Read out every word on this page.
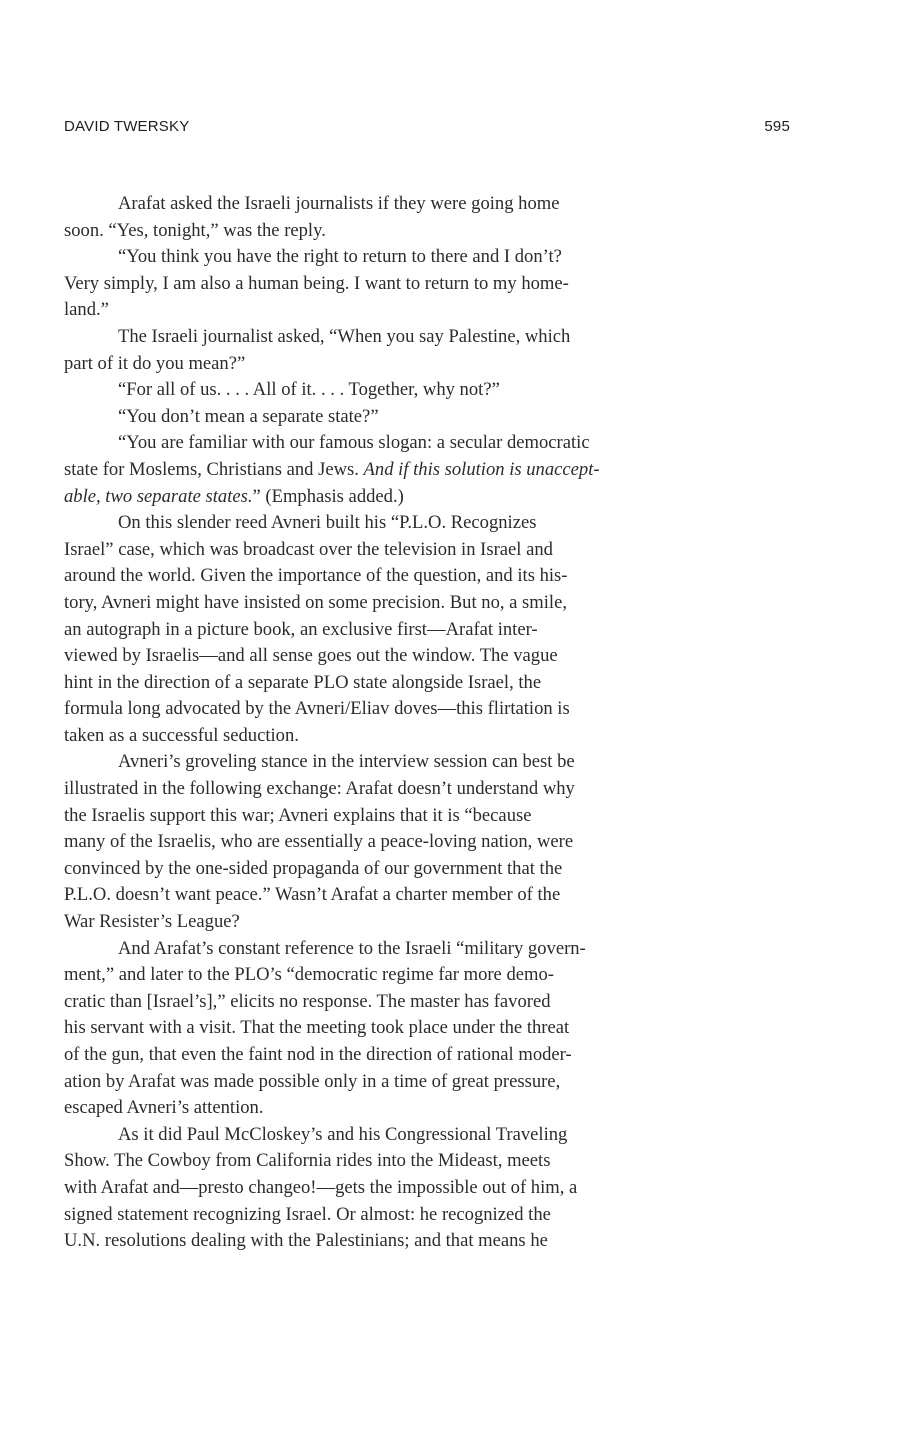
DAVID TWERSKY	595

Arafat asked the Israeli journalists if they were going home
soon. “Yes, tonight,” was the reply.

“You think you have the right to return to there and I don’t?
Very simply, I am also a human being. I want to return to my home-
land.”

The Israeli journalist asked, “When you say Palestine, which
part of it do you mean?”

“For all of us. . . . All of it. . . . Together, why not?”

“You don’t mean a separate state?”

“You are familiar with our famous slogan: a secular democratic
state for Moslems, Christians and Jews. And if this solution is unaccept-
able, two separate states.” (Emphasis added.)

On this slender reed Avneri built his “P.L.O. Recognizes
Israel” case, which was broadcast over the television in Israel and
around the world. Given the importance of the question, and its his-
tory, Avneri might have insisted on some precision. But no, a smile,
an autograph in a picture book, an exclusive first—Arafat inter-
viewed by Israelis—and all sense goes out the window. The vague
hint in the direction of a separate PLO state alongside Israel, the
formula long advocated by the Avneri/Eliav doves—this flirtation is
taken as a successful seduction.

Avneri’s groveling stance in the interview session can best be
illustrated in the following exchange: Arafat doesn’t understand why
the Israelis support this war; Avneri explains that it is “because
many of the Israelis, who are essentially a peace-loving nation, were
convinced by the one-sided propaganda of our government that the
P.L.O. doesn’t want peace.” Wasn’t Arafat a charter member of the
War Resister’s League?

And Arafat’s constant reference to the Israeli “military govern-
ment,” and later to the PLO’s “democratic regime far more demo-
cratic than [Israel’s],” elicits no response. The master has favored
his servant with a visit. That the meeting took place under the threat
of the gun, that even the faint nod in the direction of rational moder-
ation by Arafat was made possible only in a time of great pressure,
escaped Avneri’s attention.

As it did Paul McCloskey’s and his Congressional Traveling
Show. The Cowboy from California rides into the Mideast, meets
with Arafat and—presto changeo!—gets the impossible out of him, a
signed statement recognizing Israel. Or almost: he recognized the
U.N. resolutions dealing with the Palestinians; and that means he
